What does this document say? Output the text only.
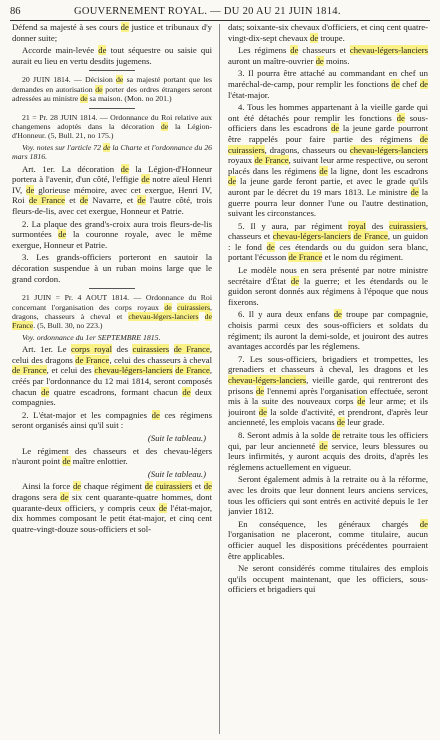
86	GOUVERNEMENT ROYAL. — DU 20 AU 21 JUIN 1814.

Défend sa majesté à ses cours de justice et tribunaux d'y donner suite;

Accorde main-levée de tout séquestre ou saisie qui aurait eu lieu en vertu desdits jugemens.

20 JUIN 1814. — Décision de sa majesté portant que les demandes en autorisation de porter des ordres étrangers seront adressées au ministre de sa maison. (Mon. no 201.)

21 = Pr. 28 JUIN 1814. — Ordonnance du Roi relative aux changemens adoptés dans la décoration de la Légion-d'Honneur. (5, Bull. 21, no 175.)

Voy. notes sur l'article 72 de la Charte et l'ordonnance du 26 mars 1816.

Art. 1er. La décoration de la Légion-d'Honneur portera à l'avenir, d'un côté, l'effigie de notre aïeul Henri IV, de glorieuse mémoire, avec cet exergue, Henri IV, Roi de France et de Navarre, et de l'autre côté, trois fleurs-de-lis, avec cet exergue, Honneur et Patrie.

2. La plaque des grand's-croix aura trois fleurs-de-lis surmontées de la couronne royale, avec le même exergue, Honneur et Patrie.

3. Les grands-officiers porteront en sautoir la décoration suspendue à un ruban moins large que le grand cordon.

21 JUIN = Pr. 4 AOUT 1814. — Ordonnance du Roi concernant l'organisation des corps royaux de cuirassiers, dragons, chasseurs à cheval et chevau-légers-lanciers de France. (5, Bull. 30, no 223.)

Voy. ordonnance du 1er SEPTEMBRE 1815.

Art. 1er. Le corps royal des cuirassiers de France, celui des dragons de France, celui des chasseurs à cheval de France, et celui des chevau-légers-lanciers de France, créés par l'ordonnance du 12 mai 1814, seront composés chacun de quatre escadrons, formant chacun de deux compagnies.

2. L'état-major et les compagnies de ces régimens seront organisés ainsi qu'il suit :

(Suit le tableau.)

Le régiment des chasseurs et des chevau-légers n'auront point de maître enlottier.

(Suit le tableau.)

Ainsi la force de chaque régiment de cuirassiers et de dragons sera de six cent quarante-quatre hommes, dont quarante-deux officiers, y compris ceux de l'état-major, dix hommes composant le petit état-major, et cinq cent quatre-vingt-douze sous-officiers et sol-

dats; soixante-six chevaux d'officiers, et cinq cent quatre-vingt-dix-sept chevaux de troupe.

Les régimens de chasseurs et chevau-légers-lanciers auront un maître-ouvrier de moins.

3. Il pourra être attaché au commandant en chef un maréchal-de-camp, pour remplir les fonctions de chef de l'état-major.

4. Tous les hommes appartenant à la vieille garde qui ont été détachés pour remplir les fonctions de sous-officiers dans les escadrons de la jeune garde pourront être rappelés pour faire partie des régimens de cuirassiers, dragons, chasseurs ou chevau-légers-lanciers royaux de France, suivant leur arme respective, ou seront placés dans les régimens de la ligne, dont les escadrons de la jeune garde feront partie, et avec le grade qu'ils auront par le décret du 19 mars 1813. Le ministre de la guerre pourra leur donner l'une ou l'autre destination, suivant les circonstances.

5. Il y aura, par régiment royal des cuirassiers, chasseurs et chevau-légers-lanciers de France, un guidon : le fond de ces étendards ou du guidon sera blanc, portant l'écusson de France et le nom du régiment.

Le modèle nous en sera présenté par notre ministre secrétaire d'État de la guerre; et les étendards ou le guidon seront donnés aux régimens à l'époque que nous fixerons.

6. Il y aura deux enfans de troupe par compagnie, choisis parmi ceux des sous-officiers et soldats du régiment; ils auront la demi-solde, et jouiront des autres avantages accordés par les réglemens.

7. Les sous-officiers, brigadiers et trompettes, les grenadiers et chasseurs à cheval, les dragons et les chevau-légers-lanciers, vieille garde, qui rentreront des prisons de l'ennemi après l'organisation effectuée, seront mis à la suite des nouveaux corps de leur arme; et ils jouiront de la solde d'activité, et prendront, d'après leur ancienneté, les emplois vacans de leur grade.

8. Seront admis à la solde de retraite tous les officiers qui, par leur ancienneté de service, leurs blessures ou leurs infirmités, y auront acquis des droits, d'après les réglemens actuellement en vigueur.

Seront également admis à la retraite ou à la réforme, avec les droits que leur donnent leurs anciens services, tous les officiers qui sont entrés en activité depuis le 1er janvier 1812.

En conséquence, les généraux chargés de l'organisation ne placeront, comme titulaire, aucun officier auquel les dispositions précédentes pourraient être applicables.

Ne seront considérés comme titulaires des emplois qu'ils occupent maintenant, que les officiers, sous-officiers et brigadiers qui
